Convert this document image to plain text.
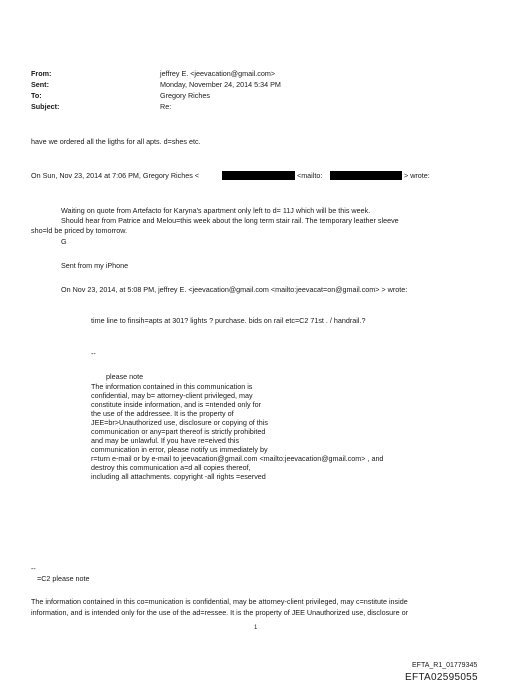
From:	jeffrey E. <jeevacation@gmail.com>
Sent:	Monday, November 24, 2014 5:34 PM
To:	Gregory Riches
Subject:	Re:
have we ordered all the ligths for all apts. d=shes etc.
On Sun, Nov 23, 2014 at 7:06 PM, Gregory Riches <	<mailto:	> wrote:
Waiting on quote from Artefacto for Karyna's apartment only left to d= 11J which will be this week.
Should hear from Patrice and Melou=this week about the long term stair rail. The temporary leather sleeve
sho=ld be priced by tomorrow.
G
Sent from my iPhone
On Nov 23, 2014, at 5:08 PM, jeffrey E. <jeevacation@gmail.com <mailto:jeevacat=on@gmail.com> > wrote:
time line to finsih=apts at 301? lights ? purchase. bids on rail etc=C2 71st . / handrail.?
--
please note
The information contained in this communication is
confidential, may b= attorney-client privileged, may
constitute inside information, and is =ntended only for
the use of the addressee. It is the property of
JEE=br>Unauthorized use, disclosure or copying of this
communication or any=part thereof is strictly prohibited
and may be unlawful. If you have re=eived this
communication in error, please notify us immediately by
r=turn e-mail or by e-mail to jeevacation@gmail.com <mailto:jeevacation@gmail.com> , and
destroy this communication a=d all copies thereof,
including all attachments. copyright -all rights =eserved
--
=C2 please note
The information contained in this co=munication is confidential, may be attorney-client privileged, may c=nstitute inside
information, and is intended only for the use of the ad=ressee. It is the property of JEE Unauthorized use, disclosure or
1
EFTA_R1_01779345
EFTA02595055
